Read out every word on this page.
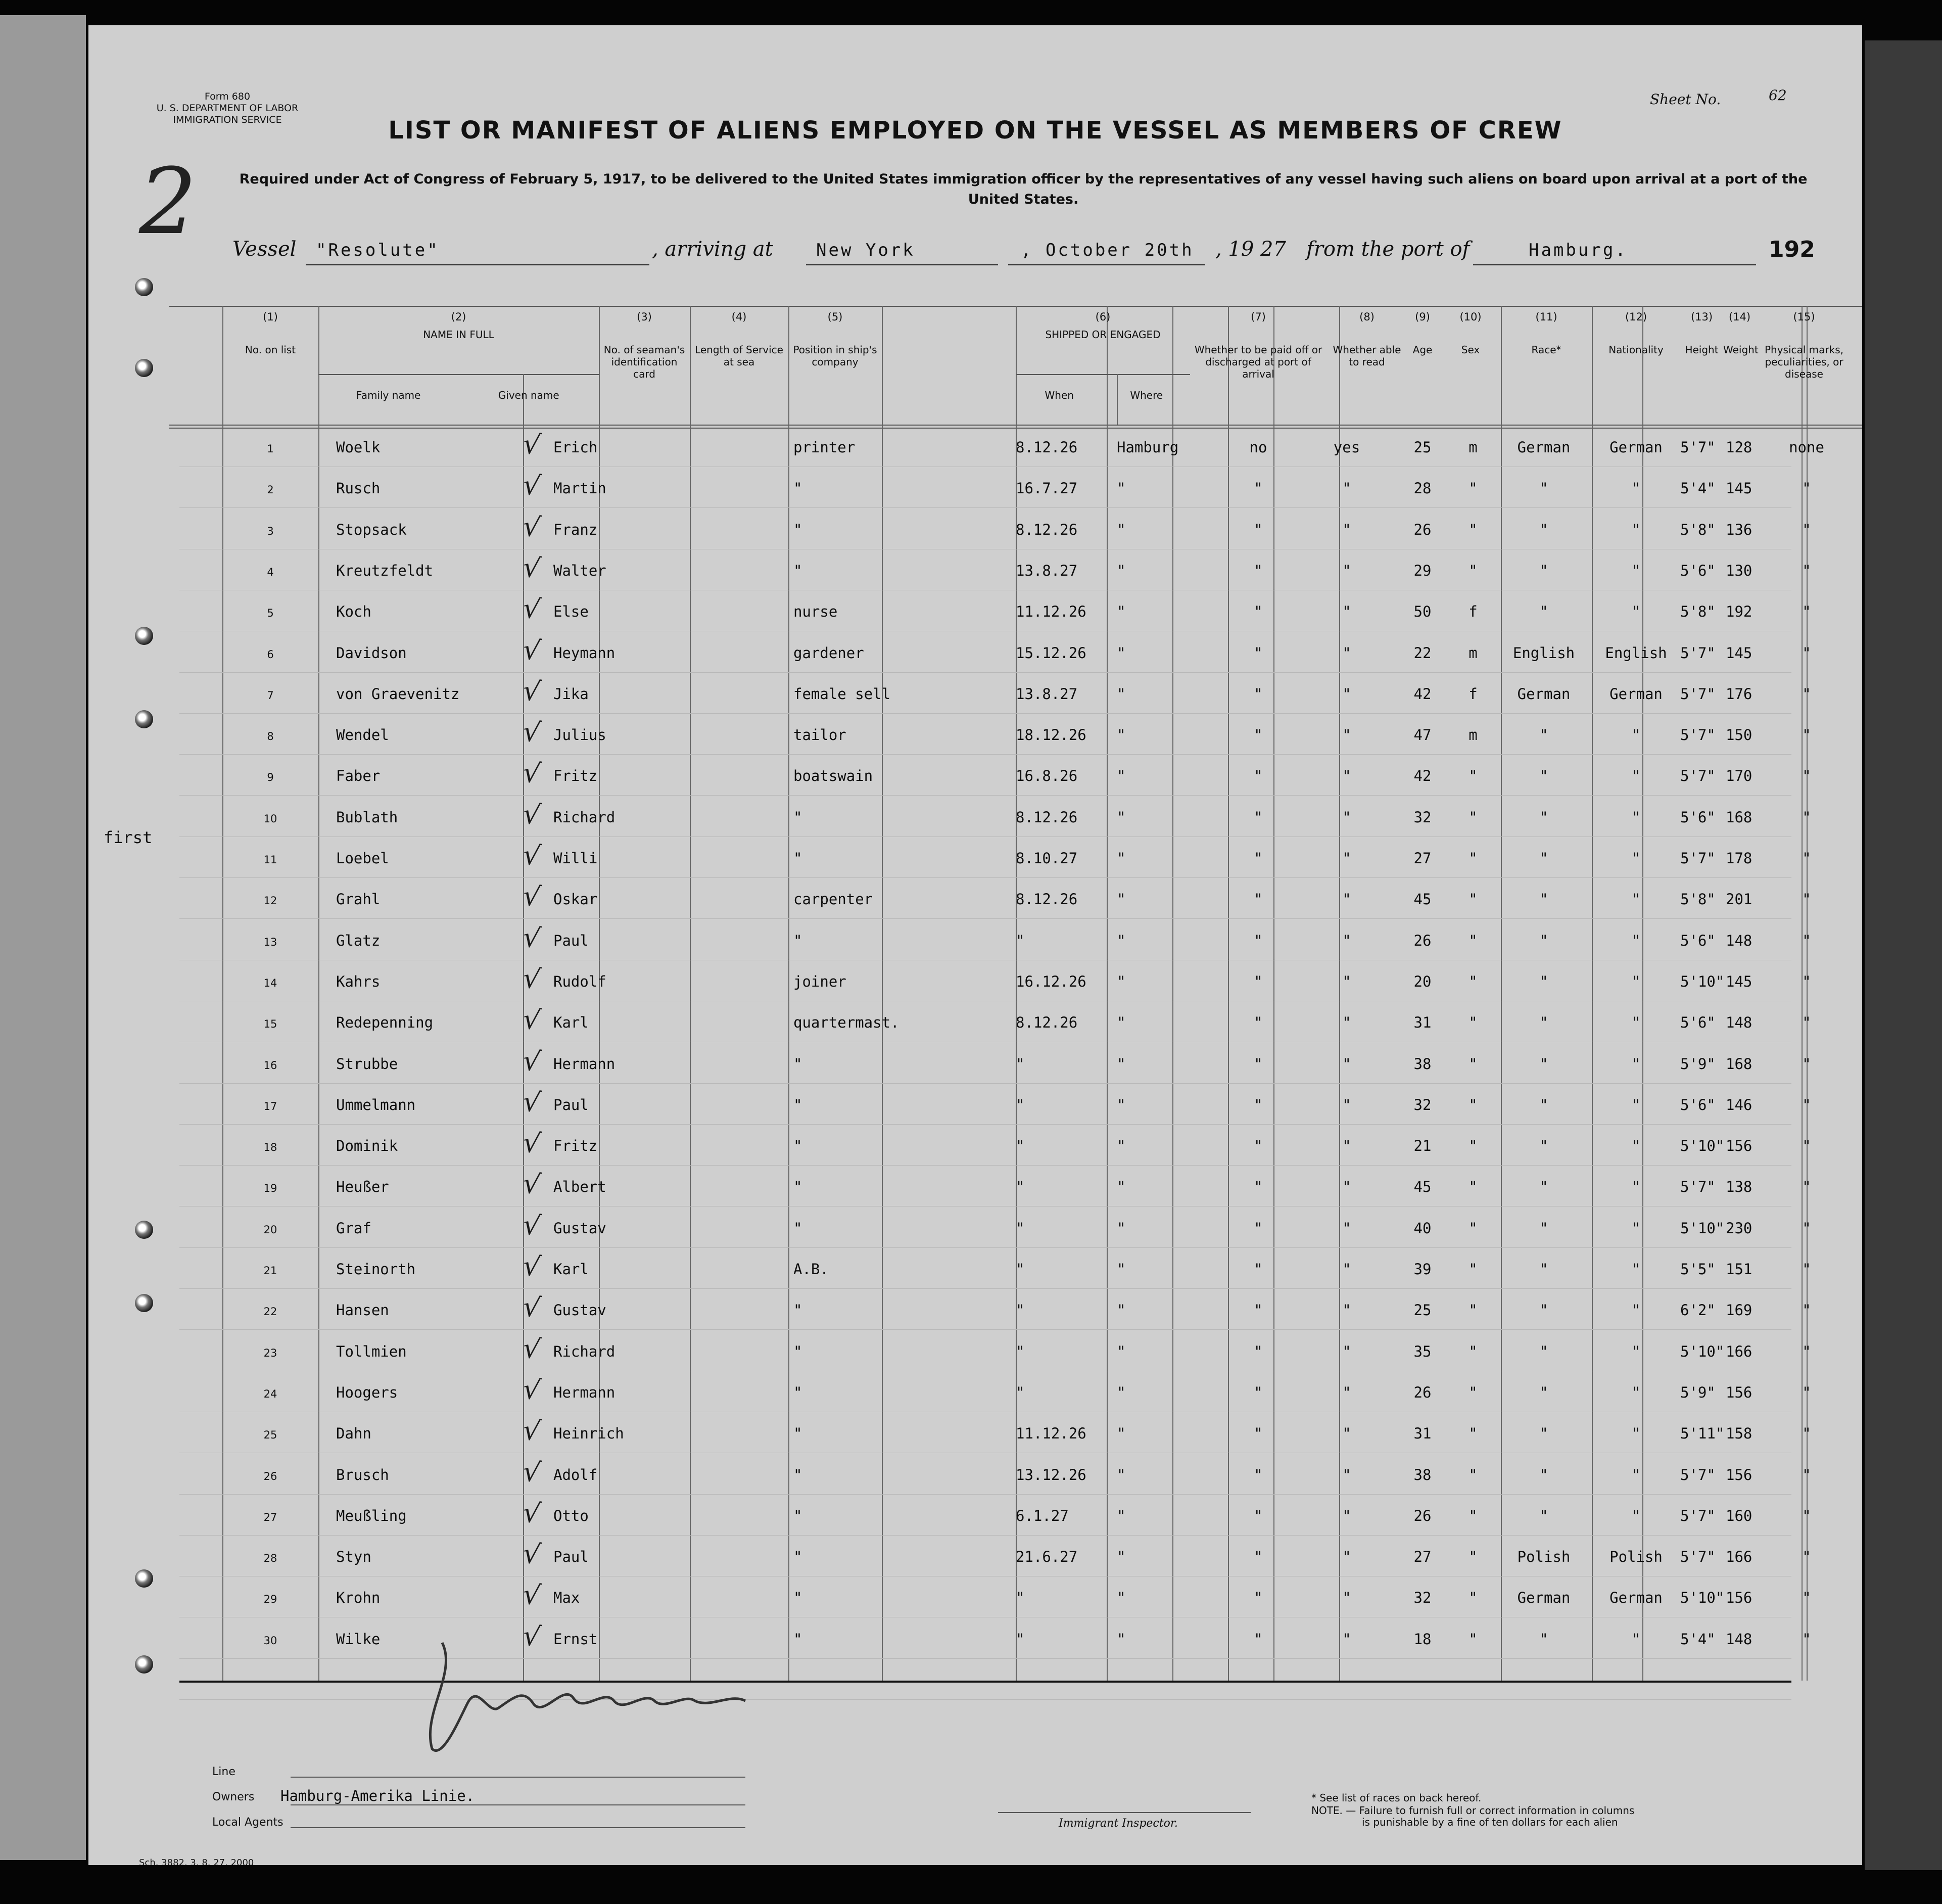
Form 680
U. S. DEPARTMENT OF LABOR
IMMIGRATION SERVICE
Sheet No.	62
LIST OR MANIFEST OF ALIENS EMPLOYED ON THE VESSEL AS MEMBERS OF CREW
Required under Act of Congress of February 5, 1917, to be delivered to the United States immigration officer by the representatives of any vessel having such aliens on board upon arrival at a port of the United States.
2 Vessel "Resolute"	, arriving at	New York	, October 20th , 19 27 from the port of	Hamburg.	192
(1)
No. on list
(2)
NAME IN FULL
Family name	Given name
(3)
No. of seaman's identification card
(4)
Length of Service at sea
(5)
Position in ship's company
(6)
SHIPPED OR ENGAGED
When	Where
(7)
Whether to be paid off or discharged at port of arrival
(8)
Whether able to read
(9)
Age
(10)
Sex
(11)
Race*
(12)
Nationality
(13)
Height
(14)
Weight
(15)
Physical marks, peculiarities, or disease
1	Woelk	Erich	printer	8.12.26	Hamburg	no	yes	25	m	German	German	5'7" 128	none
√
2	Rusch	Martin	"	16.7.27	"	"	"	28	"	"	"	5'4" 145	"
√
3	Stopsack	Franz	"	8.12.26	"	"	"	26	"	"	"	5'8" 136	"
√
4	Kreutzfeldt	Walter	"	13.8.27	"	"	"	29	"	"	"	5'6" 130	"
√
5	Koch	Else	nurse	11.12.26	"	"	"	50	f	"	"	5'8" 192	"
√
6	Davidson	Heymann	gardener	15.12.26	"	"	"	22	m	English	English 5'7" 145	"
√
7	von Graevenitz	Jika	female sell	13.8.27	"	"	"	42	f	German	German	5'7" 176	"
√
8	Wendel	Julius	tailor	18.12.26	"	"	"	47	m	"	"	5'7" 150	"
√
9	Faber	Fritz	boatswain	16.8.26	"	"	"	42	"	"	"	5'7" 170	"
√
10	Bublath	Richard	"	8.12.26	"	"	"	32	"	"	"	5'6" 168	"
√
11	Loebel	Willi	"	8.10.27	"	"	"	27	"	"	"	5'7" 178	"
√
12	Grahl	Oskar	carpenter	8.12.26	"	"	"	45	"	"	"	5'8" 201	"
√
13	Glatz	Paul	"	"	"	"	"	26	"	"	"	5'6" 148	"
√
14	Kahrs	Rudolf	joiner	16.12.26	"	"	"	20	"	"	"	5'10" 145	"
√
15	Redepenning	Karl	quartermast.	8.12.26	"	"	"	31	"	"	"	5'6" 148	"
√
16	Strubbe	Hermann	"	"	"	"	"	38	"	"	"	5'9" 168	"
√
17	Ummelmann	Paul	"	"	"	"	"	32	"	"	"	5'6" 146	"
√
18	Dominik	Fritz	"	"	"	"	"	21	"	"	"	5'10" 156	"
√
19	Heußer	Albert	"	"	"	"	"	45	"	"	"	5'7" 138	"
√
20	Graf	Gustav	"	"	"	"	"	40	"	"	"	5'10" 230	"
√
21	Steinorth	Karl	A.B.	"	"	"	"	39	"	"	"	5'5" 151	"
√
22	Hansen	Gustav	"	"	"	"	"	25	"	"	"	6'2" 169	"
√
23	Tollmien	Richard	"	"	"	"	"	35	"	"	"	5'10" 166	"
√
24	Hoogers	Hermann	"	"	"	"	"	26	"	"	"	5'9" 156	"
√
25	Dahn	Heinrich	"	11.12.26	"	"	"	31	"	"	"	5'11" 158	"
√
26	Brusch	Adolf	"	13.12.26	"	"	"	38	"	"	"	5'7" 156	"
√
27	Meußling	Otto	"	6.1.27	"	"	"	26	"	"	"	5'7" 160	"
√
28	Styn	Paul	"	21.6.27	"	"	"	27	"	Polish	Polish	5'7" 166	"
√
29	Krohn	Max	"	"	"	"	"	32	"	German	German	5'10" 156	"
√
30	Wilke	Ernst	"	"	"	"	"	18	"	"	"	5'4" 148	"
√
first
Line
Owners Hamburg-Amerika Linie.
Local Agents	Immigrant Inspector.
* See list of races on back hereof.
NOTE. — Failure to furnish full or correct information in columns
is punishable by a fine of ten dollars for each alien
Sch. 3882. 3. 8. 27. 2000
